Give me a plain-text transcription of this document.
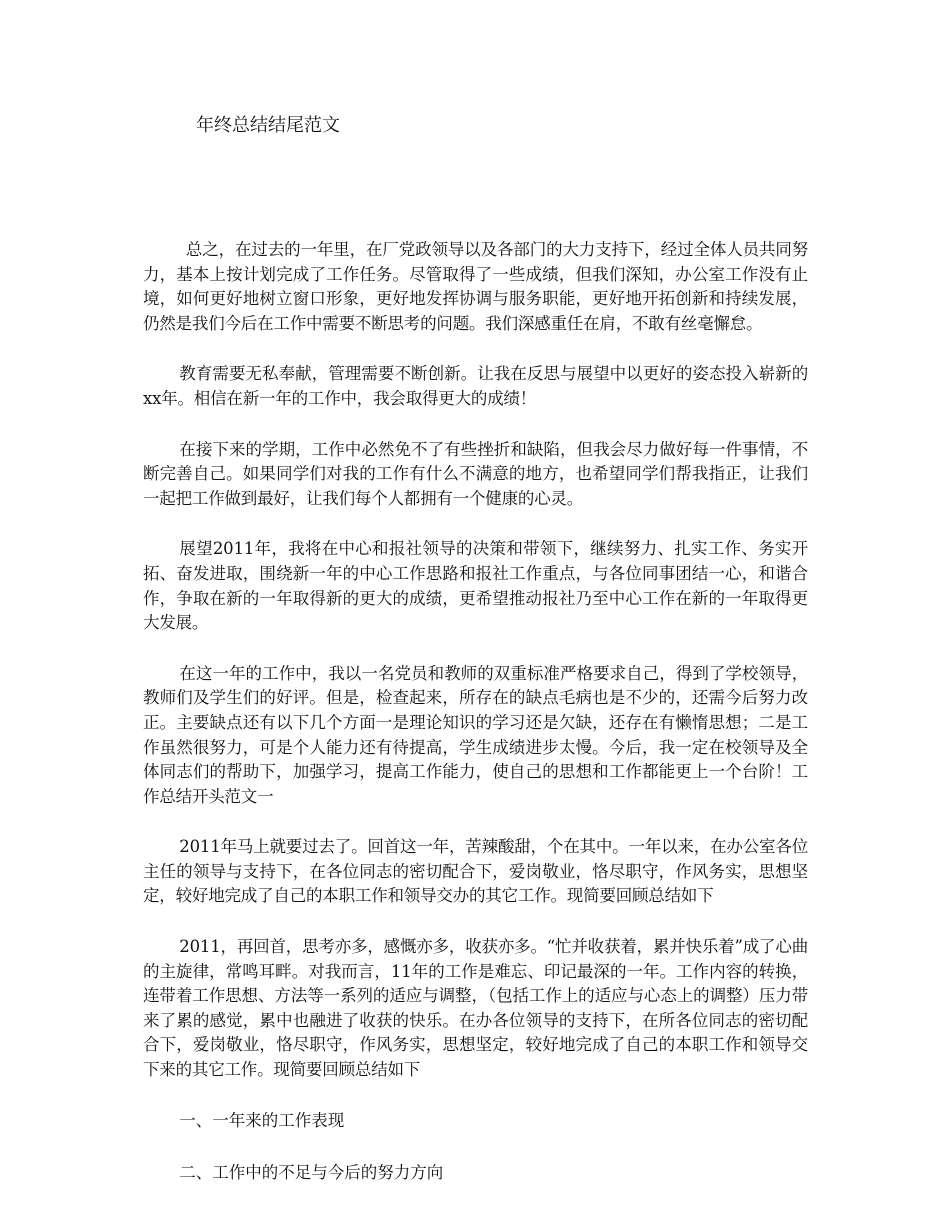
年终总结结尾范文

总之，在过去的一年里，在厂党政领导以及各部门的大力支持下，经过全体人员共同努力，基本上按计划完成了工作任务。尽管取得了一些成绩，但我们深知，办公室工作没有止境，如何更好地树立窗口形象，更好地发挥协调与服务职能，更好地开拓创新和持续发展，仍然是我们今后在工作中需要不断思考的问题。我们深感重任在肩，不敢有丝毫懈怠。

教育需要无私奉献，管理需要不断创新。让我在反思与展望中以更好的姿态投入崭新的xx年。相信在新一年的工作中，我会取得更大的成绩！

在接下来的学期，工作中必然免不了有些挫折和缺陷，但我会尽力做好每一件事情，不断完善自己。如果同学们对我的工作有什么不满意的地方，也希望同学们帮我指正，让我们一起把工作做到最好，让我们每个人都拥有一个健康的心灵。

展望2011年，我将在中心和报社领导的决策和带领下，继续努力、扎实工作、务实开拓、奋发进取，围绕新一年的中心工作思路和报社工作重点，与各位同事团结一心，和谐合作，争取在新的一年取得新的更大的成绩，更希望推动报社乃至中心工作在新的一年取得更大发展。

在这一年的工作中，我以一名党员和教师的双重标准严格要求自己，得到了学校领导，教师们及学生们的好评。但是，检查起来，所存在的缺点毛病也是不少的，还需今后努力改正。主要缺点还有以下几个方面一是理论知识的学习还是欠缺，还存在有懒惰思想；二是工作虽然很努力，可是个人能力还有待提高，学生成绩进步太慢。今后，我一定在校领导及全体同志们的帮助下，加强学习，提高工作能力，使自己的思想和工作都能更上一个台阶！工作总结开头范文一

2011年马上就要过去了。回首这一年，苦辣酸甜，个在其中。一年以来，在办公室各位主任的领导与支持下，在各位同志的密切配合下，爱岗敬业，恪尽职守，作风务实，思想坚定，较好地完成了自己的本职工作和领导交办的其它工作。现简要回顾总结如下

2011，再回首，思考亦多，感慨亦多，收获亦多。“忙并收获着，累并快乐着”成了心曲的主旋律，常鸣耳畔。对我而言，11年的工作是难忘、印记最深的一年。工作内容的转换，连带着工作思想、方法等一系列的适应与调整，（包括工作上的适应与心态上的调整）压力带来了累的感觉，累中也融进了收获的快乐。在办各位领导的支持下，在所各位同志的密切配合下，爱岗敬业，恪尽职守，作风务实，思想坚定，较好地完成了自己的本职工作和领导交下来的其它工作。现简要回顾总结如下

一、一年来的工作表现

二、工作中的不足与今后的努力方向
